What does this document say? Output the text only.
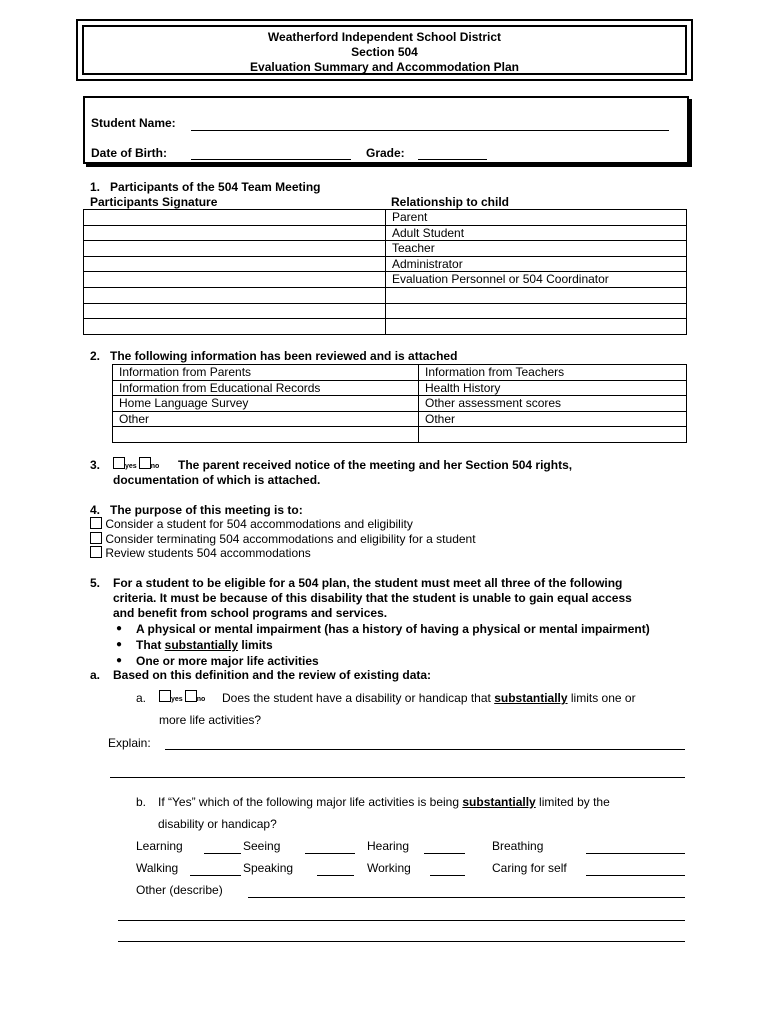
Weatherford Independent School District
Section 504
Evaluation Summary and Accommodation Plan
Student Name:
Date of Birth:	Grade:
1.   Participants of the 504 Team Meeting
Participants Signature	Relationship to child
	Parent
	Adult Student
	Teacher
	Administrator
	Evaluation Personnel or 504 Coordinator

2.   The following information has been reviewed and is attached
Information from Parents	Information from Teachers
Information from Educational Records	Health History
Home Language Survey	Other assessment scores
Other	Other

3.	yes no The parent received notice of the meeting and her Section 504 rights,
documentation of which is attached.
4.   The purpose of this meeting is to:
Consider a student for 504 accommodations and eligibility
Consider terminating 504 accommodations and eligibility for a student
Review students 504 accommodations
5. For a student to be eligible for a 504 plan, the student must meet all three of the following
criteria. It must be because of this disability that the student is unable to gain equal access
and benefit from school programs and services.
● A physical or mental impairment (has a history of having a physical or mental impairment)
● That substantially limits
● One or more major life activities
a. Based on this definition and the review of existing data:
a.	yes no Does the student have a disability or handicap that substantially limits one or
more life activities?
Explain:
b. If “Yes” which of the following major life activities is being substantially limited by the
disability or handicap?
Learning	Seeing	Hearing	Breathing
Walking	Speaking	Working	Caring for self
Other (describe)
